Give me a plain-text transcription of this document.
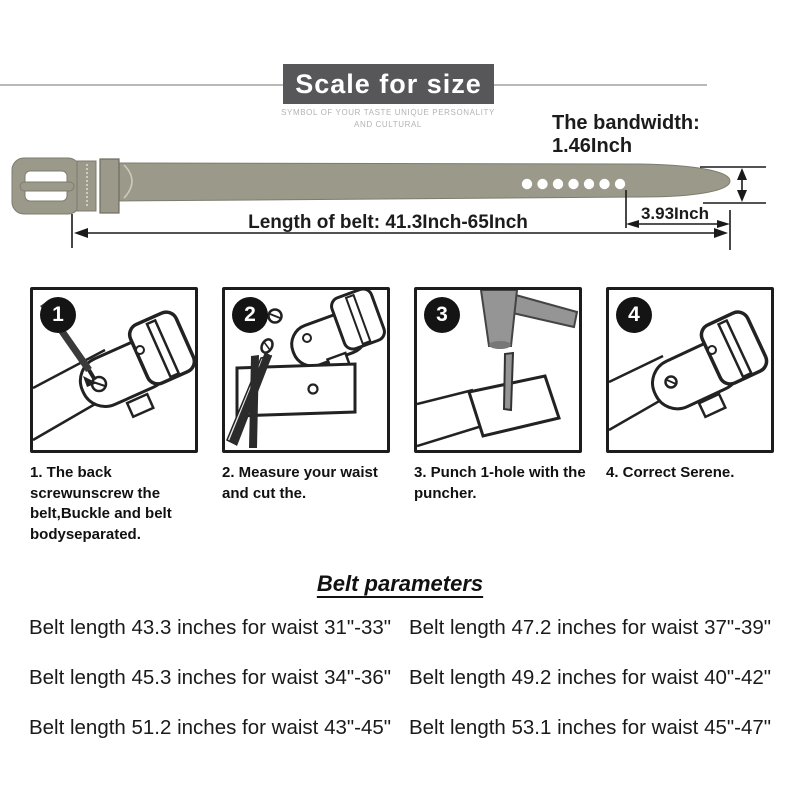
Scale for size
SYMBOL OF YOUR TASTE UNIQUE PERSONALITY
AND CULTURAL	The bandwidth: 1.46Inch
Length of belt: 41.3Inch-65Inch	3.93Inch
1	2	3	4
1. The back screwunscrew the belt,Buckle and belt bodyseparated.
2. Measure your waist and cut the.
3. Punch 1-hole with the puncher.
4. Correct Serene.
Belt parameters
Belt length 43.3 inches for waist 31"-33" Belt length 47.2 inches for waist 37"-39"
Belt length 45.3 inches for waist 34"-36" Belt length 49.2 inches for waist 40"-42"
Belt length 51.2 inches for waist 43"-45" Belt length 53.1 inches for waist 45"-47"
